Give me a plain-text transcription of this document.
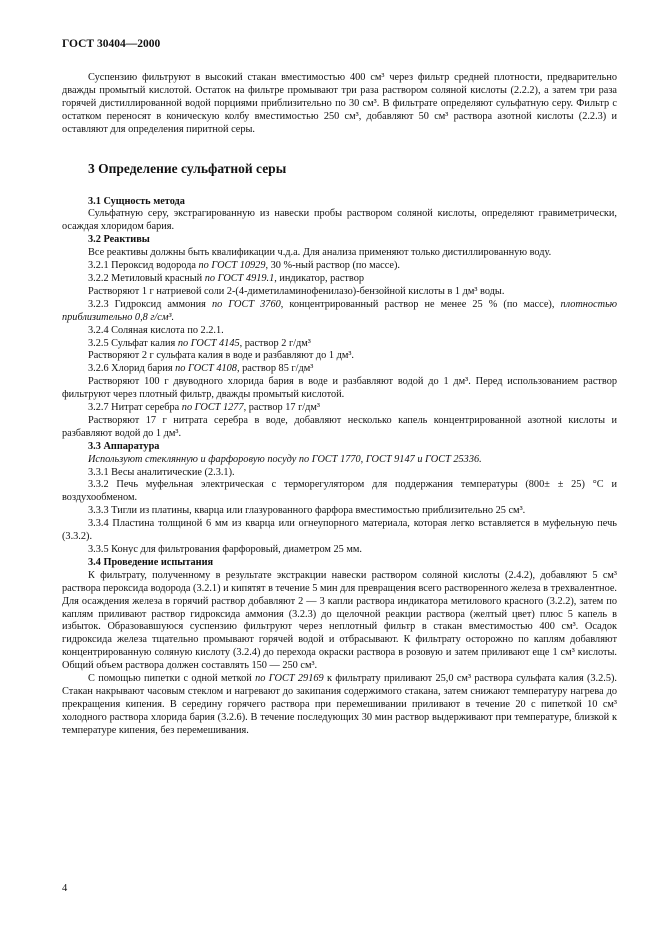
ГОСТ 30404—2000

Суспензию фильтруют в высокий стакан вместимостью 400 см³ через фильтр средней плотности, предварительно дважды промытый кислотой. Остаток на фильтре промывают три раза раствором соляной кислоты (2.2.2), а затем три раза горячей дистиллированной водой порциями приблизительно по 30 см³. В фильтрате определяют сульфатную серу. Фильтр с остатком переносят в коническую колбу вместимостью 250 см³, добавляют 50 см³ раствора азотной кислоты (2.2.3) и оставляют для определения пиритной серы.

3 Определение сульфатной серы
3.1 Сущность метода

Сульфатную серу, экстрагированную из навески пробы раствором соляной кислоты, определяют гравиметрически, осаждая хлоридом бария.

3.2 Реактивы

Все реактивы должны быть квалификации ч.д.а. Для анализа применяют только дистиллированную воду.

3.2.1 Пероксид водорода по ГОСТ 10929, 30 %-ный раствор (по массе).

3.2.2 Метиловый красный по ГОСТ 4919.1, индикатор, раствор

Растворяют 1 г натриевой соли 2-(4-диметиламинофенилазо)-бензойной кислоты в 1 дм³ воды.

3.2.3 Гидроксид аммония по ГОСТ 3760, концентрированный раствор не менее 25 % (по массе), плотностью приблизительно 0,8 г/см³.

3.2.4 Соляная кислота по 2.2.1.

3.2.5 Сульфат калия по ГОСТ 4145, раствор 2 г/дм³

Растворяют 2 г сульфата калия в воде и разбавляют до 1 дм³.

3.2.6 Хлорид бария по ГОСТ 4108, раствор 85 г/дм³

Растворяют 100 г двуводного хлорида бария в воде и разбавляют водой до 1 дм³. Перед использованием раствор фильтруют через плотный фильтр, дважды промытый кислотой.

3.2.7 Нитрат серебра по ГОСТ 1277, раствор 17 г/дм³

Растворяют 17 г нитрата серебра в воде, добавляют несколько капель концентрированной азотной кислоты и разбавляют водой до 1 дм³.

3.3 Аппаратура

Используют стеклянную и фарфоровую посуду по ГОСТ 1770, ГОСТ 9147 и ГОСТ 25336.

3.3.1 Весы аналитические (2.3.1).

3.3.2 Печь муфельная электрическая с терморегулятором для поддержания температуры (800± ± 25) °С и воздухообменом.

3.3.3 Тигли из платины, кварца или глазурованного фарфора вместимостью приблизительно 25 см³.

3.3.4 Пластина толщиной 6 мм из кварца или огнеупорного материала, которая легко вставляется в муфельную печь (3.3.2).

3.3.5 Конус для фильтрования фарфоровый, диаметром 25 мм.

3.4 Проведение испытания

К фильтрату, полученному в результате экстракции навески раствором соляной кислоты (2.4.2), добавляют 5 см³ раствора пероксида водорода (3.2.1) и кипятят в течение 5 мин для превращения всего растворенного железа в трехвалентное. Для осаждения железа в горячий раствор добавляют 2 — 3 капли раствора индикатора метилового красного (3.2.2), затем по каплям приливают раствор гидроксида аммония (3.2.3) до щелочной реакции раствора (желтый цвет) плюс 5 капель в избыток. Образовавшуюся суспензию фильтруют через неплотный фильтр в стакан вместимостью 400 см³. Осадок гидроксида железа тщательно промывают горячей водой и отбрасывают. К фильтрату осторожно по каплям добавляют концентрированную соляную кислоту (3.2.4) до перехода окраски раствора в розовую и затем приливают еще 1 см³ кислоты. Общий объем раствора должен составлять 150 — 250 см³.

С помощью пипетки с одной меткой по ГОСТ 29169 к фильтрату приливают 25,0 см³ раствора сульфата калия (3.2.5). Стакан накрывают часовым стеклом и нагревают до закипания содержимого стакана, затем снижают температуру нагрева до прекращения кипения. В середину горячего раствора при перемешивании приливают в течение 20 с пипеткой 10 см³ холодного раствора хлорида бария (3.2.6). В течение последующих 30 мин раствор выдерживают при температуре, близкой к температуре кипения, без перемешивания.

4
